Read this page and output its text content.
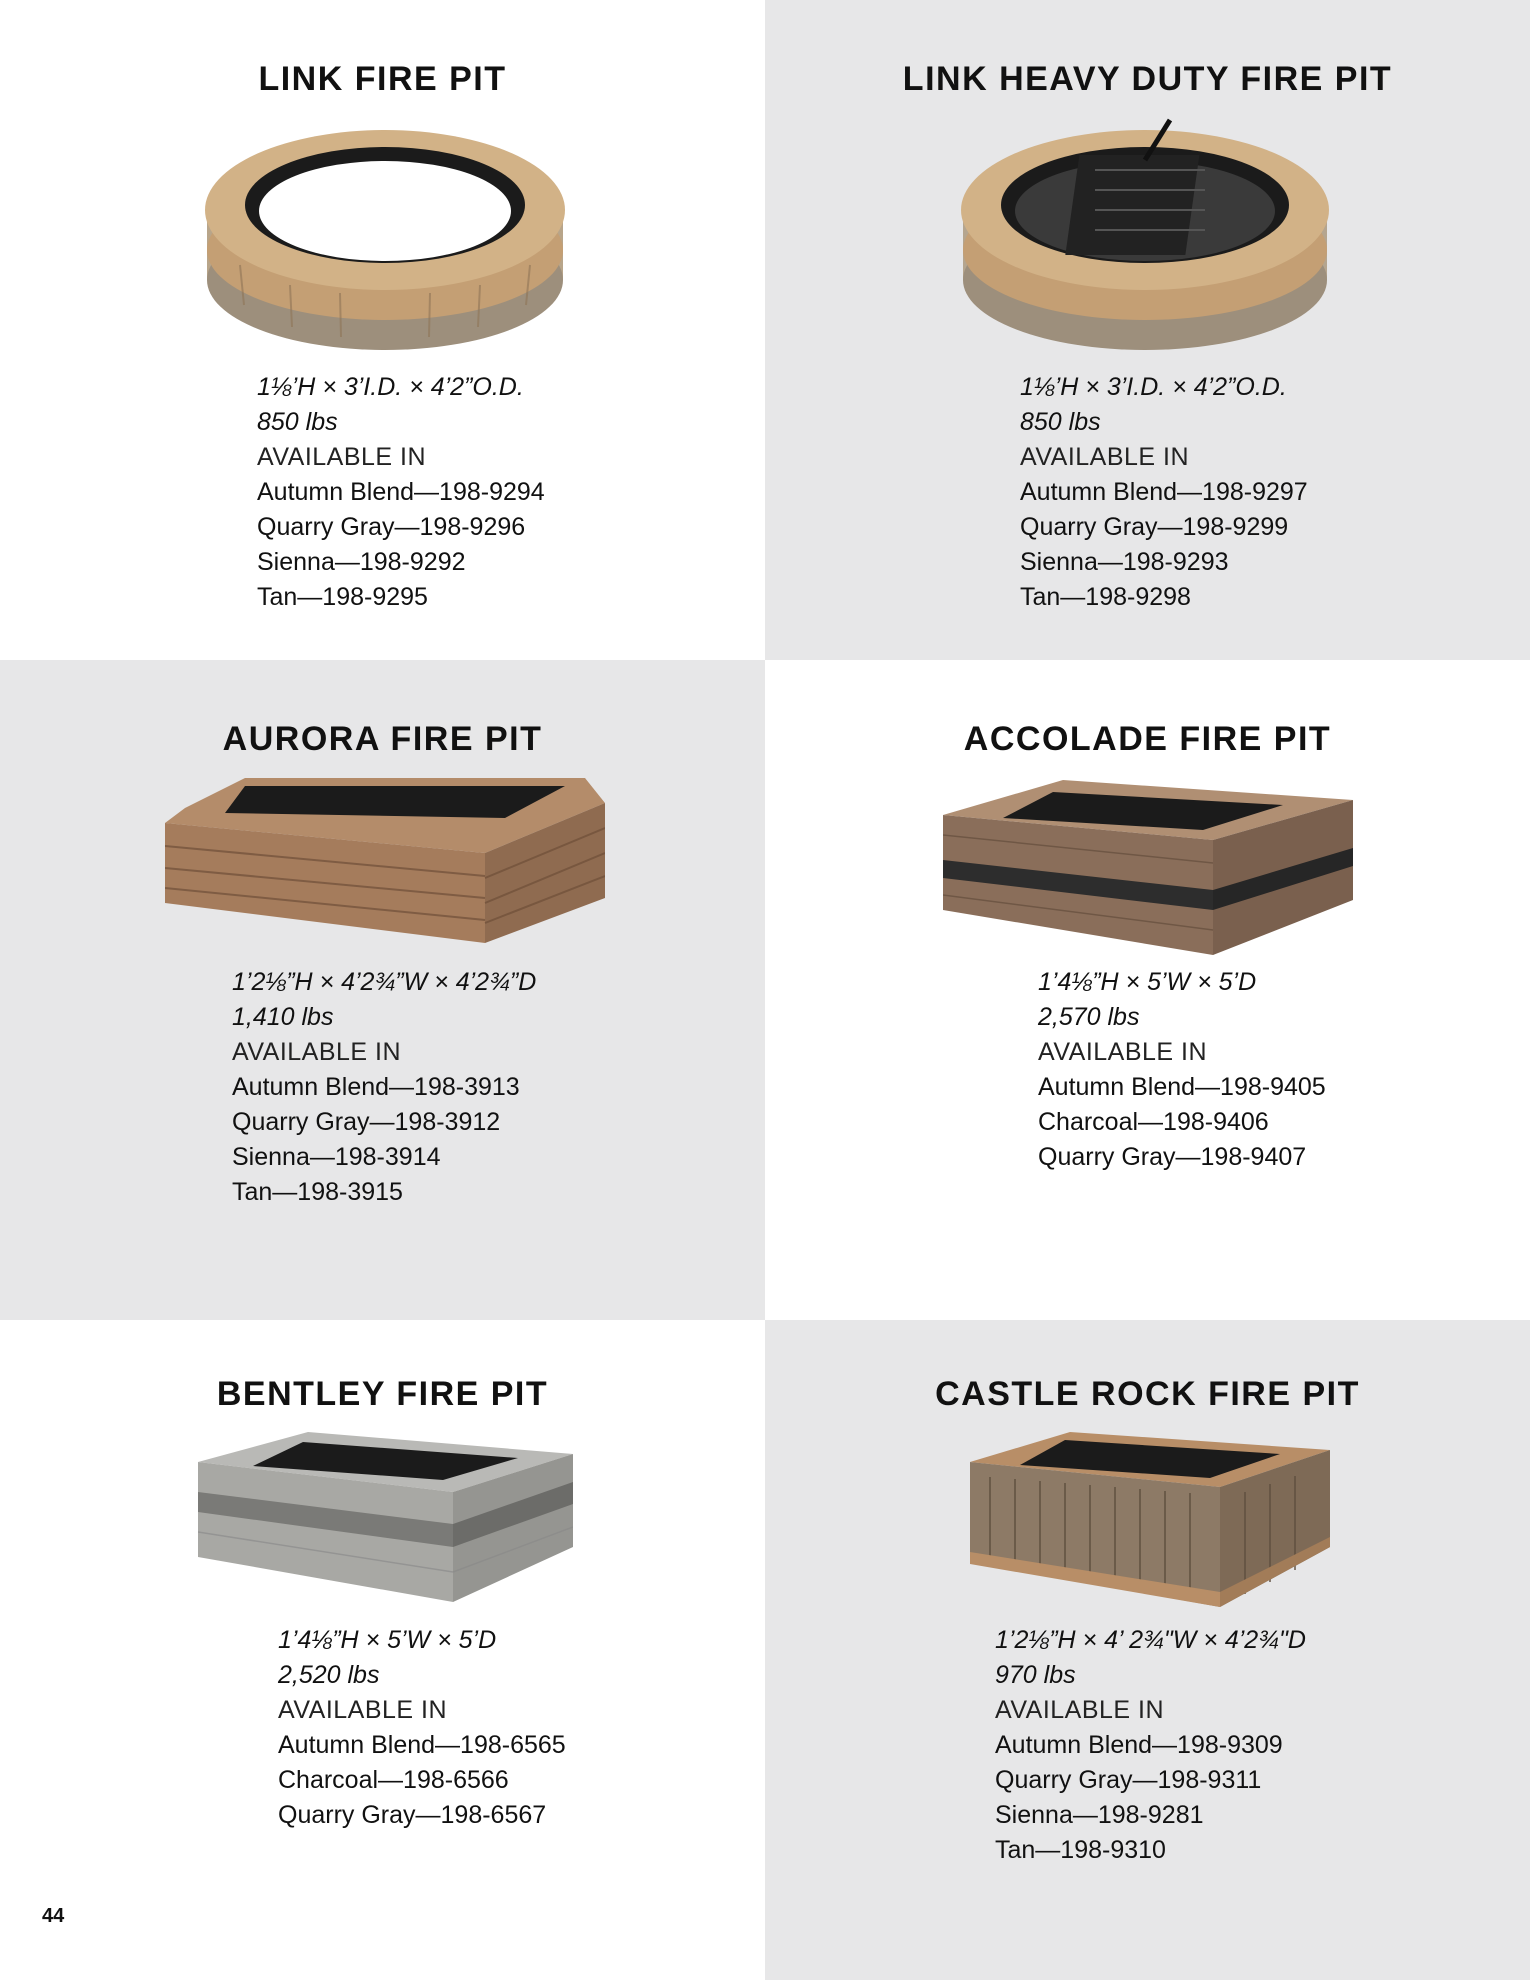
LINK FIRE PIT
1⅛’H × 3’I.D. × 4’2”O.D.
850 lbs
AVAILABLE IN
Autumn Blend—198-9294
Quarry Gray—198-9296
Sienna—198-9292
Tan—198-9295
LINK HEAVY DUTY FIRE PIT
1⅛’H × 3’I.D. × 4’2”O.D.
850 lbs
AVAILABLE IN
Autumn Blend—198-9297
Quarry Gray—198-9299
Sienna—198-9293
Tan—198-9298
AURORA FIRE PIT
1’2⅛”H × 4’2¾”W × 4’2¾”D
1,410 lbs
AVAILABLE IN
Autumn Blend—198-3913
Quarry Gray—198-3912
Sienna—198-3914
Tan—198-3915
ACCOLADE FIRE PIT
1’4⅛”H × 5’W × 5’D
2,570 lbs
AVAILABLE IN
Autumn Blend—198-9405
Charcoal—198-9406
Quarry Gray—198-9407
BENTLEY FIRE PIT
1’4⅛”H × 5’W × 5’D
2,520 lbs
AVAILABLE IN
Autumn Blend—198-6565
Charcoal—198-6566
Quarry Gray—198-6567
CASTLE ROCK FIRE PIT
1’2⅛”H × 4’ 2¾"W × 4’2¾"D
970 lbs
AVAILABLE IN
Autumn Blend—198-9309
Quarry Gray—198-9311
Sienna—198-9281
Tan—198-9310
44
